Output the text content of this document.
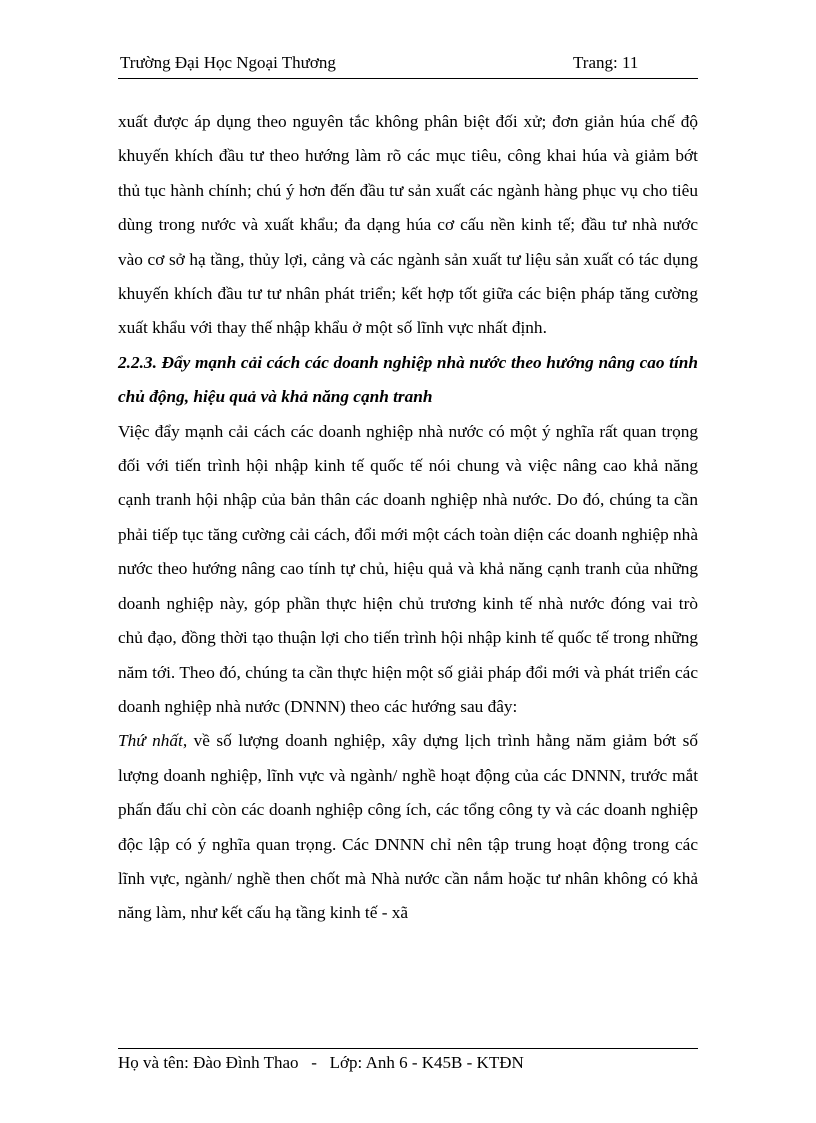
Trường Đại Học Ngoại Thương	Trang: 11

xuất được áp dụng theo nguyên tắc không phân biệt đối xử; đơn giản húa chế độ khuyến khích đầu tư theo hướng làm rõ các mục tiêu, công khai húa và giảm bớt thủ tục hành chính; chú ý hơn đến đầu tư sản xuất các ngành hàng phục vụ cho tiêu dùng trong nước và xuất khẩu; đa dạng húa cơ cấu nền kinh tế; đầu tư nhà nước vào cơ sở hạ tầng, thủy lợi, cảng và các ngành sản xuất tư liệu sản xuất có tác dụng khuyến khích đầu tư tư nhân phát triển; kết hợp tốt giữa các biện pháp tăng cường xuất khẩu với thay thế nhập khẩu ở một số lĩnh vực nhất định.

2.2.3. Đẩy mạnh cải cách các doanh nghiệp nhà nước theo hướng nâng cao tính chủ động, hiệu quả và khả năng cạnh tranh

Việc đẩy mạnh cải cách các doanh nghiệp nhà nước có một ý nghĩa rất quan trọng đối với tiến trình hội nhập kinh tế quốc tế nói chung và việc nâng cao khả năng cạnh tranh hội nhập của bản thân các doanh nghiệp nhà nước. Do đó, chúng ta cần phải tiếp tục tăng cường cải cách, đổi mới một cách toàn diện các doanh nghiệp nhà nước theo hướng nâng cao tính tự chủ, hiệu quả và khả năng cạnh tranh của những doanh nghiệp này, góp phần thực hiện chủ trương kinh tế nhà nước đóng vai trò chủ đạo, đồng thời tạo thuận lợi cho tiến trình hội nhập kinh tế quốc tế trong những năm tới. Theo đó, chúng ta cần thực hiện một số giải pháp đổi mới và phát triển các doanh nghiệp nhà nước (DNNN) theo các hướng sau đây:

Thứ nhất, về số lượng doanh nghiệp, xây dựng lịch trình hằng năm giảm bớt số lượng doanh nghiệp, lĩnh vực và ngành/ nghề hoạt động của các DNNN, trước mắt phấn đấu chỉ còn các doanh nghiệp công ích, các tổng công ty và các doanh nghiệp độc lập có ý nghĩa quan trọng. Các DNNN chỉ nên tập trung hoạt động trong các lĩnh vực, ngành/ nghề then chốt mà Nhà nước cần nắm hoặc tư nhân không có khả năng làm, như kết cấu hạ tầng kinh tế - xã

Họ và tên: Đào Đình Thao   -   Lớp: Anh 6 - K45B - KTĐN
